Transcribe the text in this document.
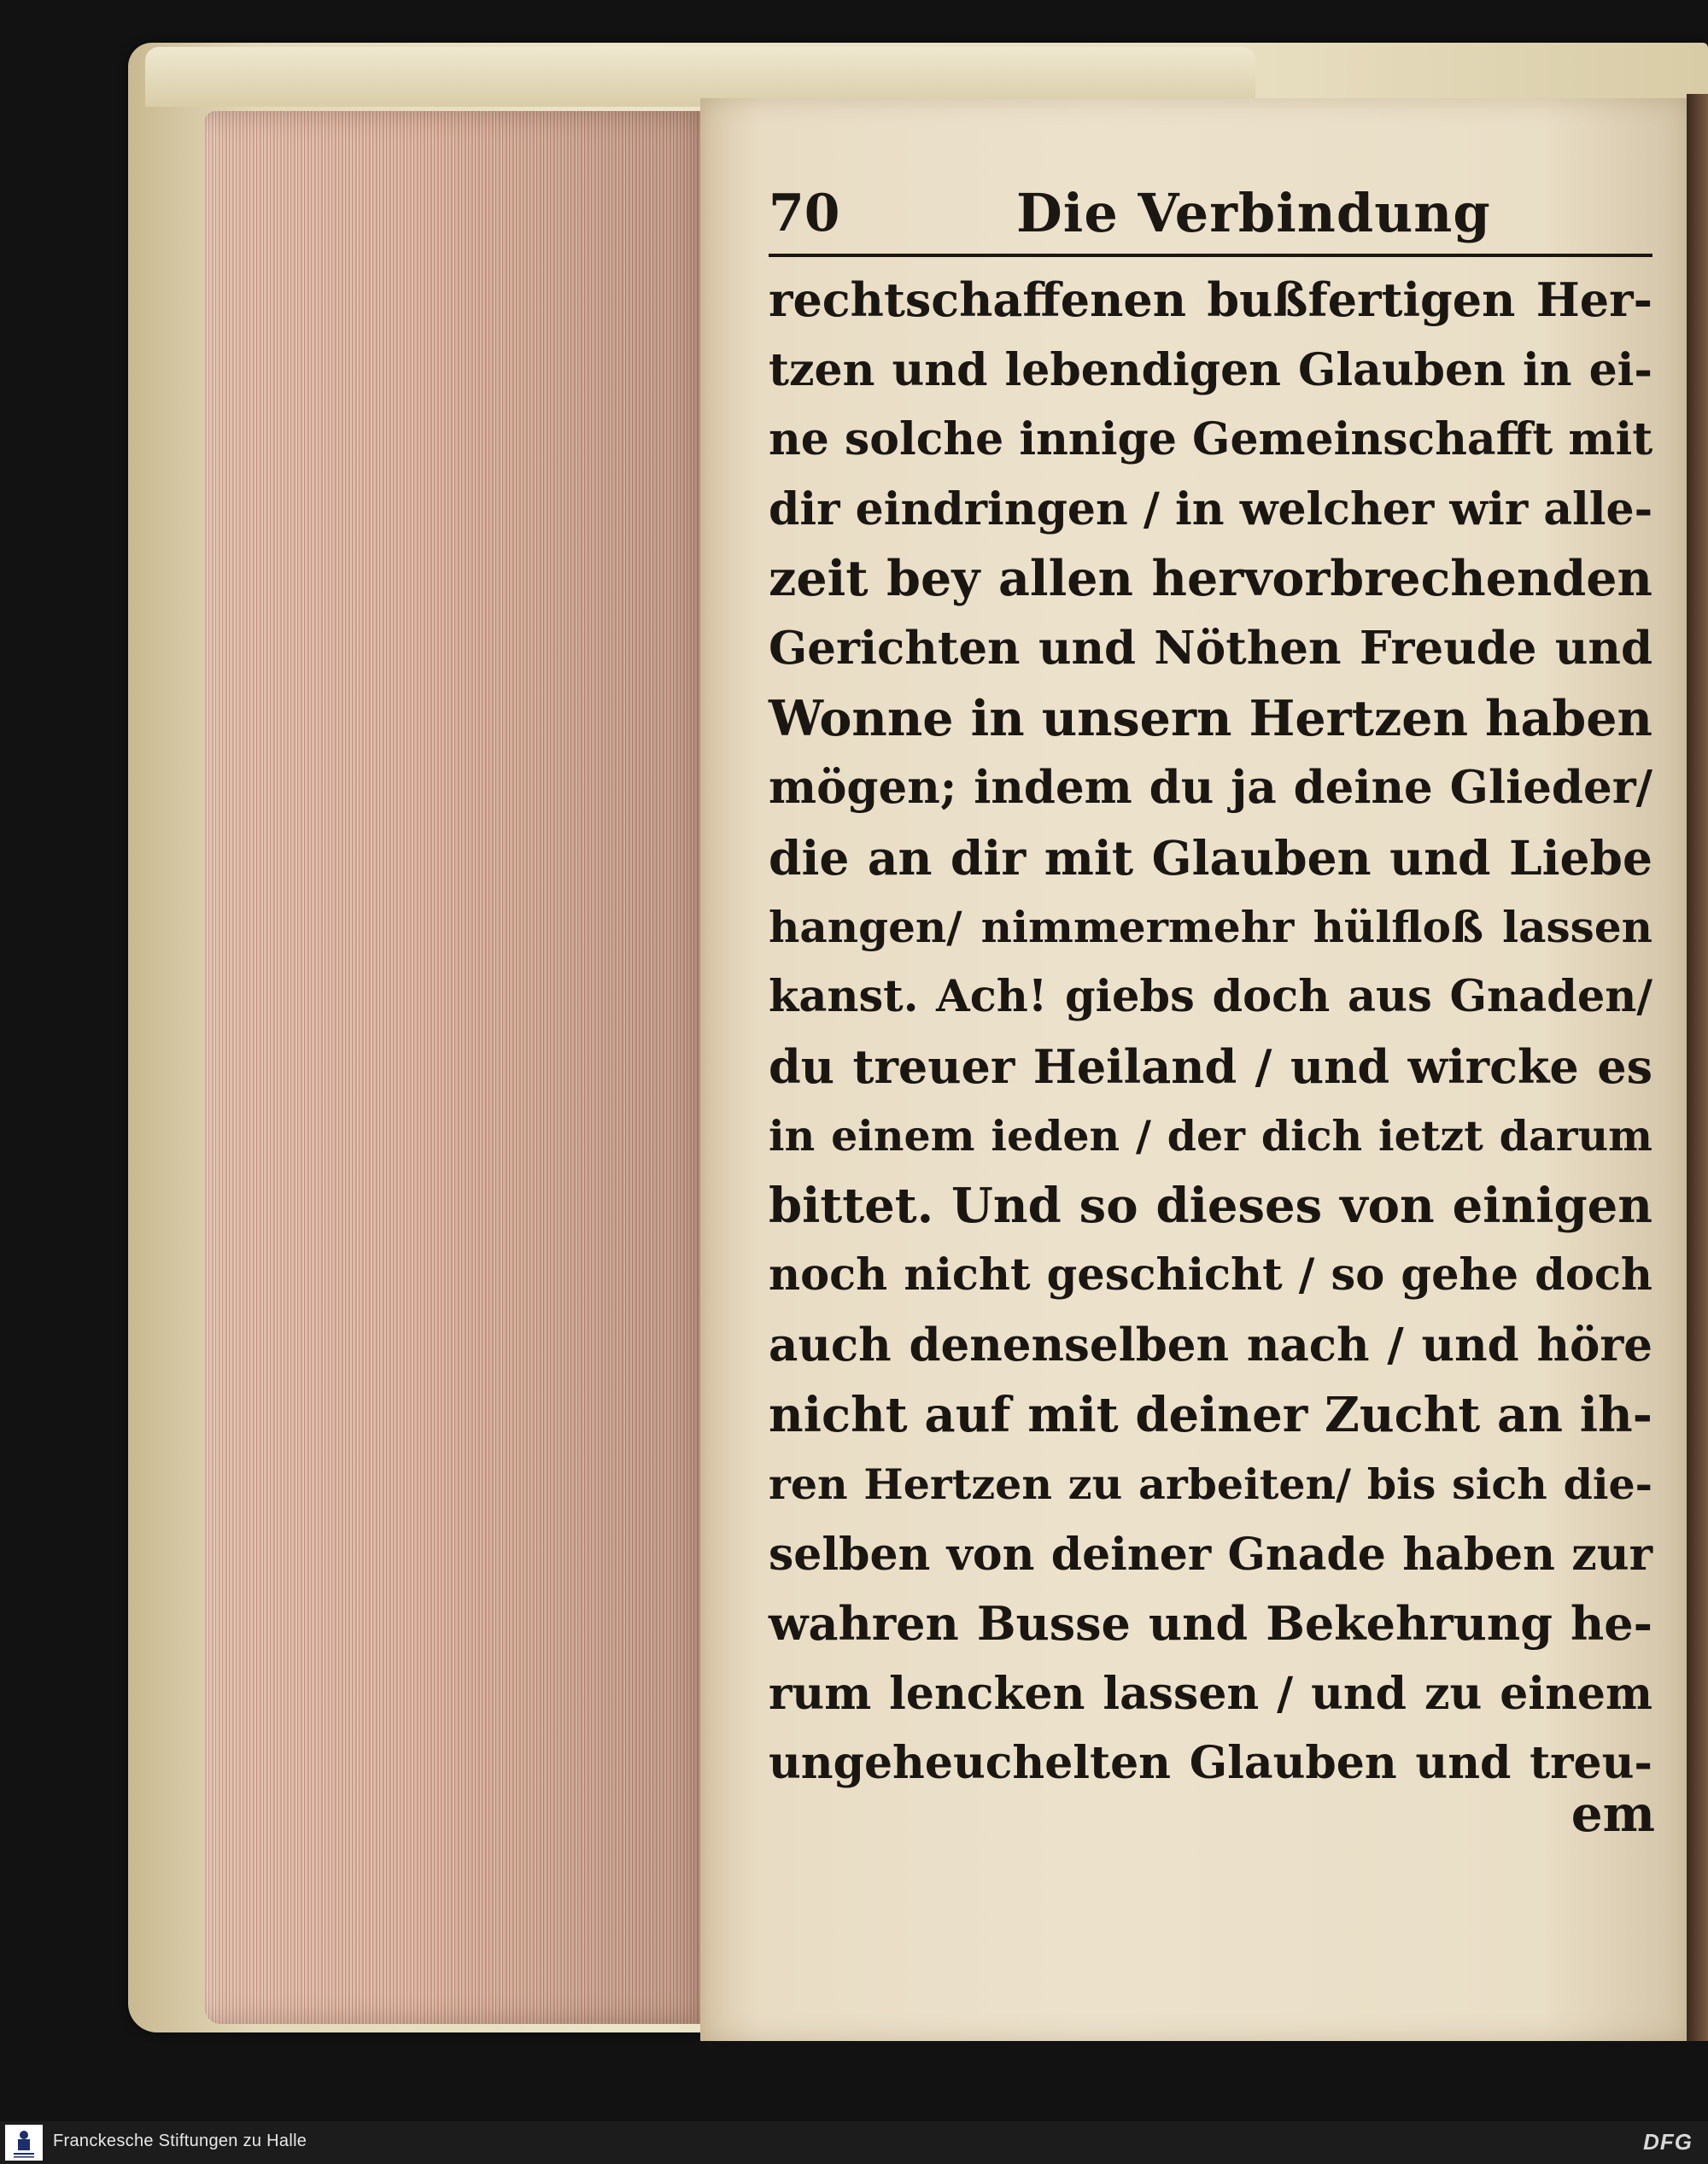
70	Die Verbindung
rechtschaffenen bußfertigen Her-
tzen und lebendigen Glauben in ei-
ne solche innige Gemeinschafft mit
dir eindringen / in welcher wir alle-
zeit bey allen hervorbrechenden
Gerichten und Nöthen Freude und
Wonne in unsern Hertzen haben
mögen; indem du ja deine Glieder/
die an dir mit Glauben und Liebe
hangen/ nimmermehr hülfloß lassen
kanst. Ach! giebs doch aus Gnaden/
du treuer Heiland / und wircke es
in einem ieden / der dich ietzt darum
bittet. Und so dieses von einigen
noch nicht geschicht / so gehe doch
auch denenselben nach / und höre
nicht auf mit deiner Zucht an ih-
ren Hertzen zu arbeiten/ bis sich die-
selben von deiner Gnade haben zur
wahren Busse und Bekehrung he-
rum lencken lassen / und zu einem
ungeheuchelten Glauben und treu-
em
Franckesche Stiftungen zu Halle	DFG
